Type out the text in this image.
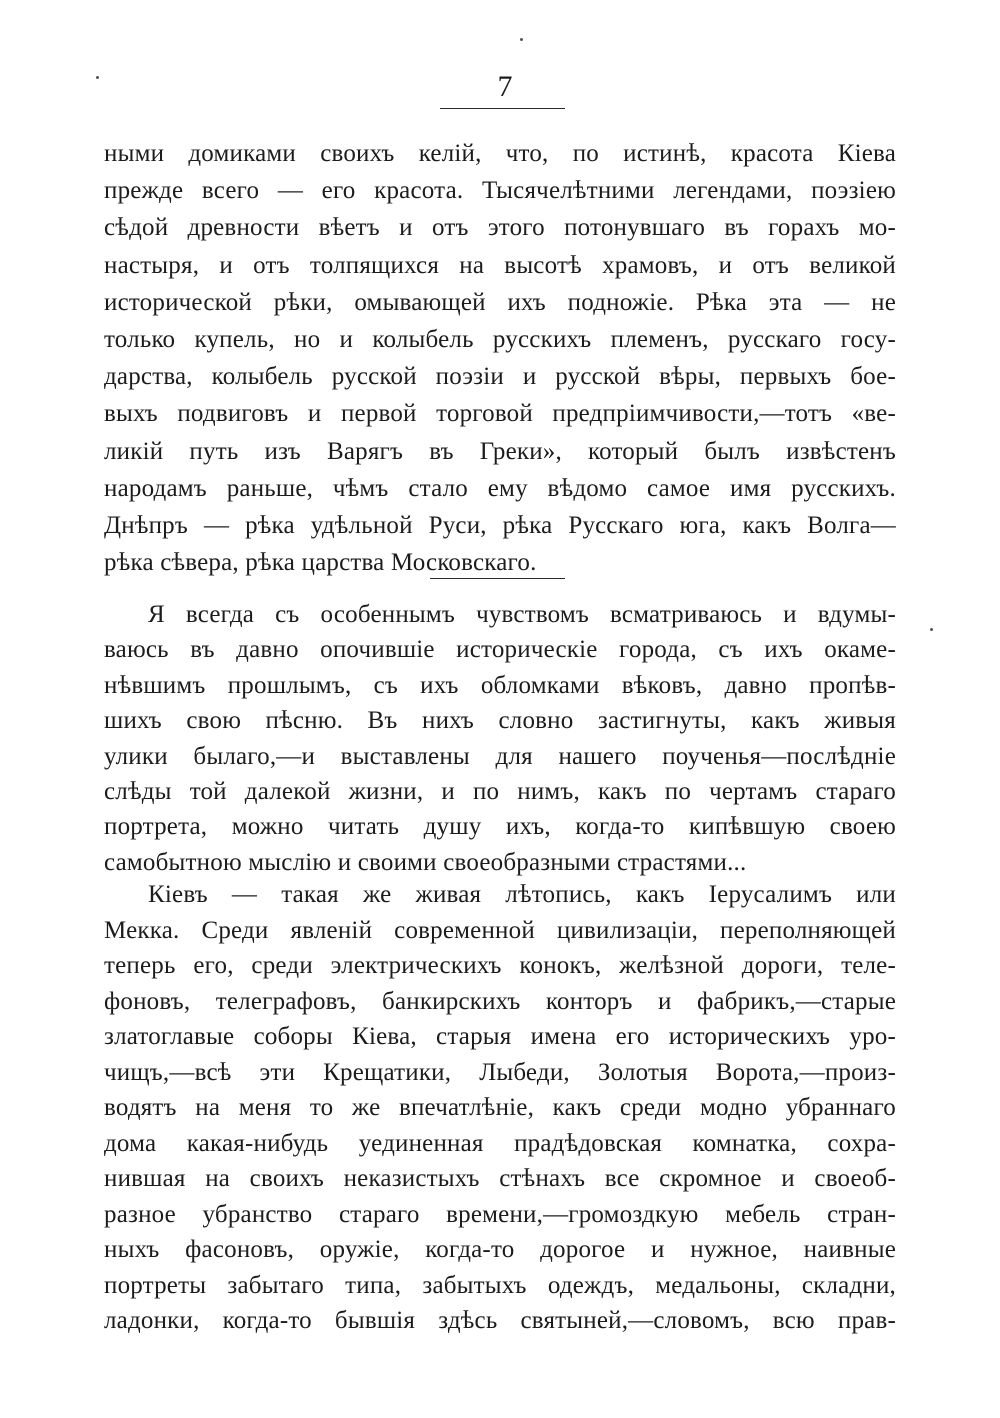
7
ными домиками своихъ келій, что, по истинѣ, красота Кіева
прежде всего — его красота. Тысячелѣтними легендами, поэзіею
сѣдой древности вѣетъ и отъ этого потонувшаго въ горахъ мо-
настыря, и отъ толпящихся на высотѣ храмовъ, и отъ великой
исторической рѣки, омывающей ихъ подножіе. Рѣка эта — не
только купель, но и колыбель русскихъ племенъ, русскаго госу-
дарства, колыбель русской поэзіи и русской вѣры, первыхъ бое-
выхъ подвиговъ и первой торговой предпріимчивости,—тотъ «ве-
ликій путь изъ Варягъ въ Греки», который былъ извѣстенъ
народамъ раньше, чѣмъ стало ему вѣдомо самое имя русскихъ.
Днѣпръ — рѣка удѣльной Руси, рѣка Русскаго юга, какъ Волга—
рѣка сѣвера, рѣка царства Московскаго.
Я всегда съ особеннымъ чувствомъ всматриваюсь и вдумы-
ваюсь въ давно опочившіе историческіе города, съ ихъ окаме-
нѣвшимъ прошлымъ, съ ихъ обломками вѣковъ, давно пропѣв-
шихъ свою пѣсню. Въ нихъ словно застигнуты, какъ живыя
улики былаго,—и выставлены для нашего поученья—послѣдніе
слѣды той далекой жизни, и по нимъ, какъ по чертамъ стараго
портрета, можно читать душу ихъ, когда-то кипѣвшую своею
самобытною мыслію и своими своеобразными страстями...
Кіевъ — такая же живая лѣтопись, какъ Іерусалимъ или
Мекка. Среди явленій современной цивилизаціи, переполняющей
теперь его, среди электрическихъ конокъ, желѣзной дороги, теле-
фоновъ, телеграфовъ, банкирскихъ конторъ и фабрикъ,—старые
златоглавые соборы Кіева, старыя имена его историческихъ уро-
чищъ,—всѣ эти Крещатики, Лыбеди, Золотыя Ворота,—произ-
водятъ на меня то же впечатлѣніе, какъ среди модно убраннаго
дома какая-нибудь уединенная прадѣдовская комнатка, сохра-
нившая на своихъ неказистыхъ стѣнахъ все скромное и своеоб-
разное убранство стараго времени,—громоздкую мебель стран-
ныхъ фасоновъ, оружіе, когда-то дорогое и нужное, наивные
портреты забытаго типа, забытыхъ одеждъ, медальоны, складни,
ладонки, когда-то бывшія здѣсь святыней,—словомъ, всю прав-
